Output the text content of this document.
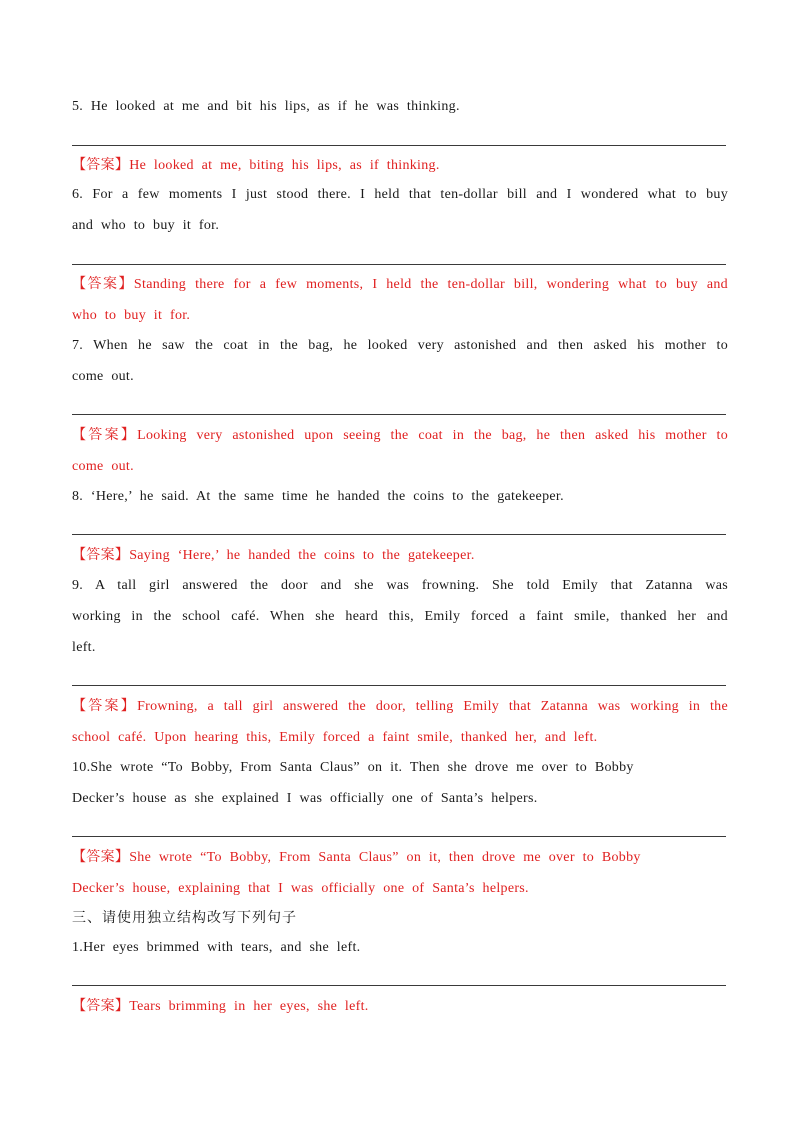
5. He looked at me and bit his lips, as if he was thinking.
【答案】He looked at me, biting his lips, as if thinking.
6. For a few moments I just stood there. I held that ten-dollar bill and I wondered what to buy
and who to buy it for.
【答案】Standing there for a few moments, I held the ten-dollar bill, wondering what to buy and
who to buy it for.
7. When he saw the coat in the bag, he looked very astonished and then asked his mother to
come out.
【答案】Looking very astonished upon seeing the coat in the bag, he then asked his mother to
come out.
8. ‘Here,’ he said. At the same time he handed the coins to the gatekeeper.
【答案】Saying ‘Here,’ he handed the coins to the gatekeeper.
9. A tall girl answered the door and she was frowning. She told Emily that Zatanna was
working in the school café. When she heard this, Emily forced a faint smile, thanked her and
left.
【答案】Frowning, a tall girl answered the door, telling Emily that Zatanna was working in the
school café. Upon hearing this, Emily forced a faint smile, thanked her, and left.
10.She wrote “To Bobby, From Santa Claus” on it. Then she drove me over to Bobby
Decker’s house as she explained I was officially one of Santa’s helpers.
【答案】She wrote “To Bobby, From Santa Claus” on it, then drove me over to Bobby
Decker’s house, explaining that I was officially one of Santa’s helpers.
三、请使用独立结构改写下列句子
1.Her eyes brimmed with tears, and she left.
【答案】Tears brimming in her eyes, she left.
